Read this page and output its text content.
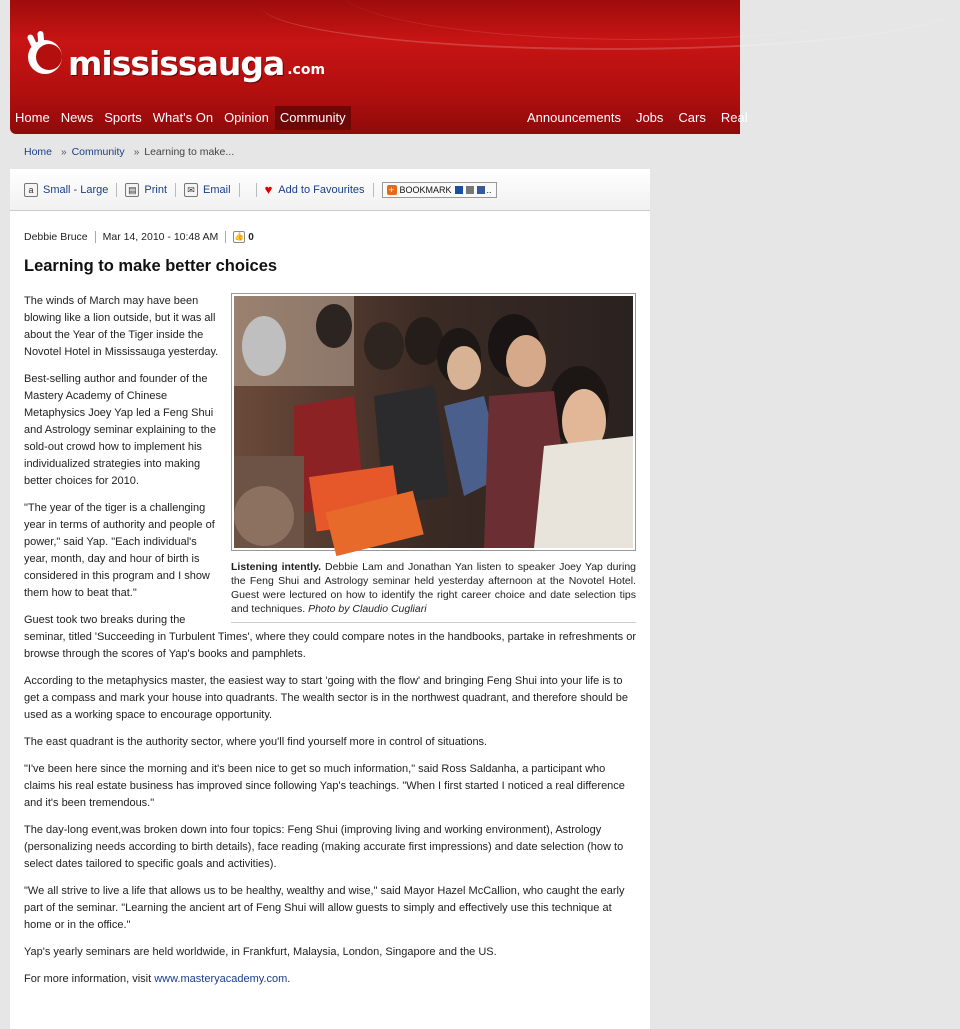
mississauga .com
Home News Sports What's On Opinion Community	Announcements	Jobs	Cars	Real
Home » Community » Learning to make...
a Small - Large	▤ Print	✉ Email	♥ Add to Favourites	+ BOOKMARK	..
Debbie Bruce Mar 14, 2010 - 10:48 AM 👍 0
Learning to make better choices
Listening intently. Debbie Lam and Jonathan Yan listen to speaker Joey Yap during the Feng Shui and Astrology seminar held yesterday afternoon at the Novotel Hotel. Guest were lectured on how to identify the right career choice and date selection tips and techniques. Photo by Claudio Cugliari

The winds of March may have been blowing like a lion outside, but it was all about the Year of the Tiger inside the Novotel Hotel in Mississauga yesterday.

Best-selling author and founder of the Mastery Academy of Chinese Metaphysics Joey Yap led a Feng Shui and Astrology seminar explaining to the sold-out crowd how to implement his individualized strategies into making better choices for 2010.

"The year of the tiger is a challenging year in terms of authority and people of power," said Yap. "Each individual's year, month, day and hour of birth is considered in this program and I show them how to beat that."

Guest took two breaks during the seminar, titled 'Succeeding in Turbulent Times', where they could compare notes in the handbooks, partake in refreshments or browse through the scores of Yap's books and pamphlets.

According to the metaphysics master, the easiest way to start 'going with the flow' and bringing Feng Shui into your life is to get a compass and mark your house into quadrants. The wealth sector is in the northwest quadrant, and therefore should be used as a working space to encourage opportunity.

The east quadrant is the authority sector, where you'll find yourself more in control of situations.

"I've been here since the morning and it's been nice to get so much information," said Ross Saldanha, a participant who claims his real estate business has improved since following Yap's teachings. "When I first started I noticed a real difference and it's been tremendous."

The day-long event,was broken down into four topics: Feng Shui (improving living and working environment), Astrology (personalizing needs according to birth details), face reading (making accurate first impressions) and date selection (how to select dates tailored to specific goals and activities).

"We all strive to live a life that allows us to be healthy, wealthy and wise," said Mayor Hazel McCallion, who caught the early part of the seminar. "Learning the ancient art of Feng Shui will allow guests to simply and effectively use this technique at home or in the office."

Yap's yearly seminars are held worldwide, in Frankfurt, Malaysia, London, Singapore and the US.

For more information, visit www.masteryacademy.com.
